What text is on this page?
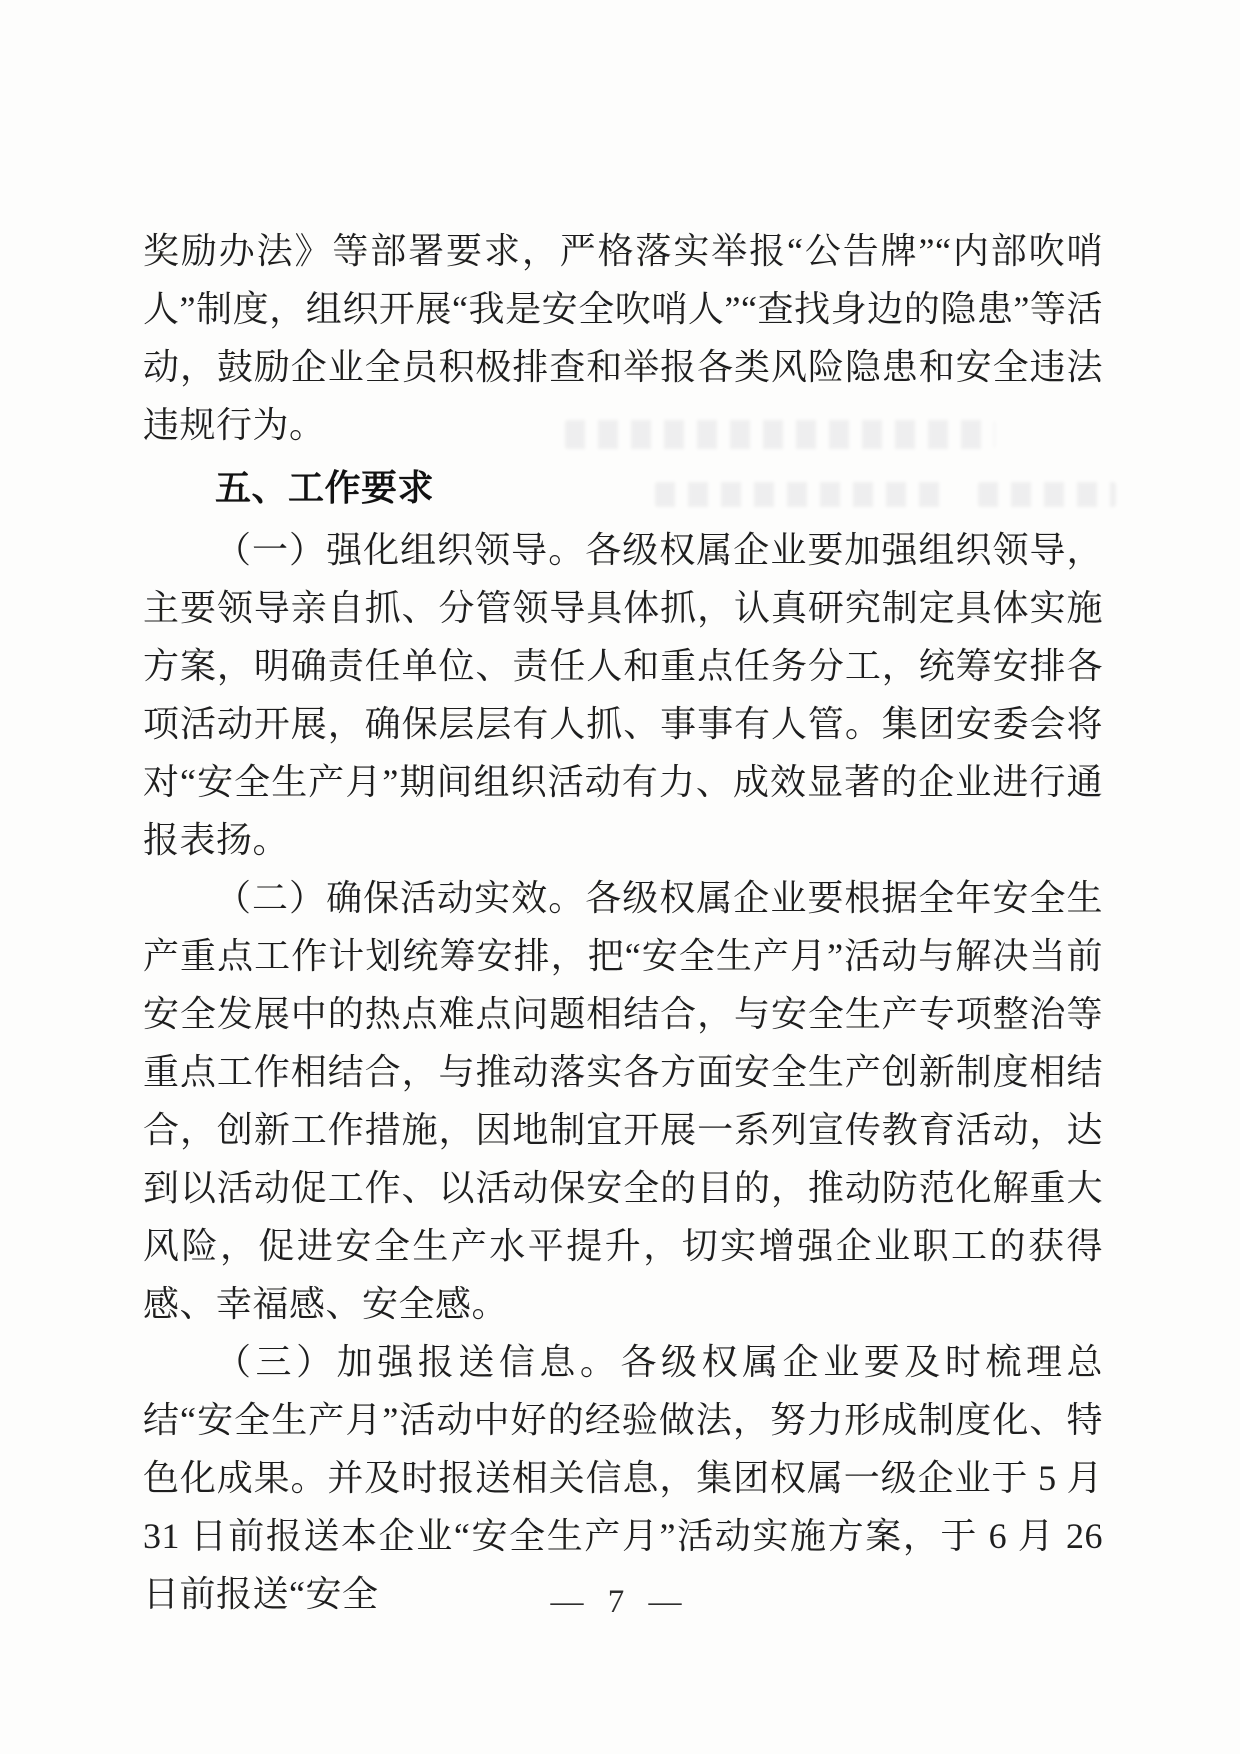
奖励办法》等部署要求，严格落实举报“公告牌”“内部吹哨人”制度，组织开展“我是安全吹哨人”“查找身边的隐患”等活动，鼓励企业全员积极排查和举报各类风险隐患和安全违法违规行为。

五、工作要求

（一）强化组织领导。各级权属企业要加强组织领导，主要领导亲自抓、分管领导具体抓，认真研究制定具体实施方案，明确责任单位、责任人和重点任务分工，统筹安排各项活动开展，确保层层有人抓、事事有人管。集团安委会将对“安全生产月”期间组织活动有力、成效显著的企业进行通报表扬。

（二）确保活动实效。各级权属企业要根据全年安全生产重点工作计划统筹安排，把“安全生产月”活动与解决当前安全发展中的热点难点问题相结合，与安全生产专项整治等重点工作相结合，与推动落实各方面安全生产创新制度相结合，创新工作措施，因地制宜开展一系列宣传教育活动，达到以活动促工作、以活动保安全的目的，推动防范化解重大风险，促进安全生产水平提升，切实增强企业职工的获得感、幸福感、安全感。

（三）加强报送信息。各级权属企业要及时梳理总结“安全生产月”活动中好的经验做法，努力形成制度化、特色化成果。并及时报送相关信息，集团权属一级企业于 5 月 31 日前报送本企业“安全生产月”活动实施方案，于 6 月 26 日前报送“安全	— 7 —
